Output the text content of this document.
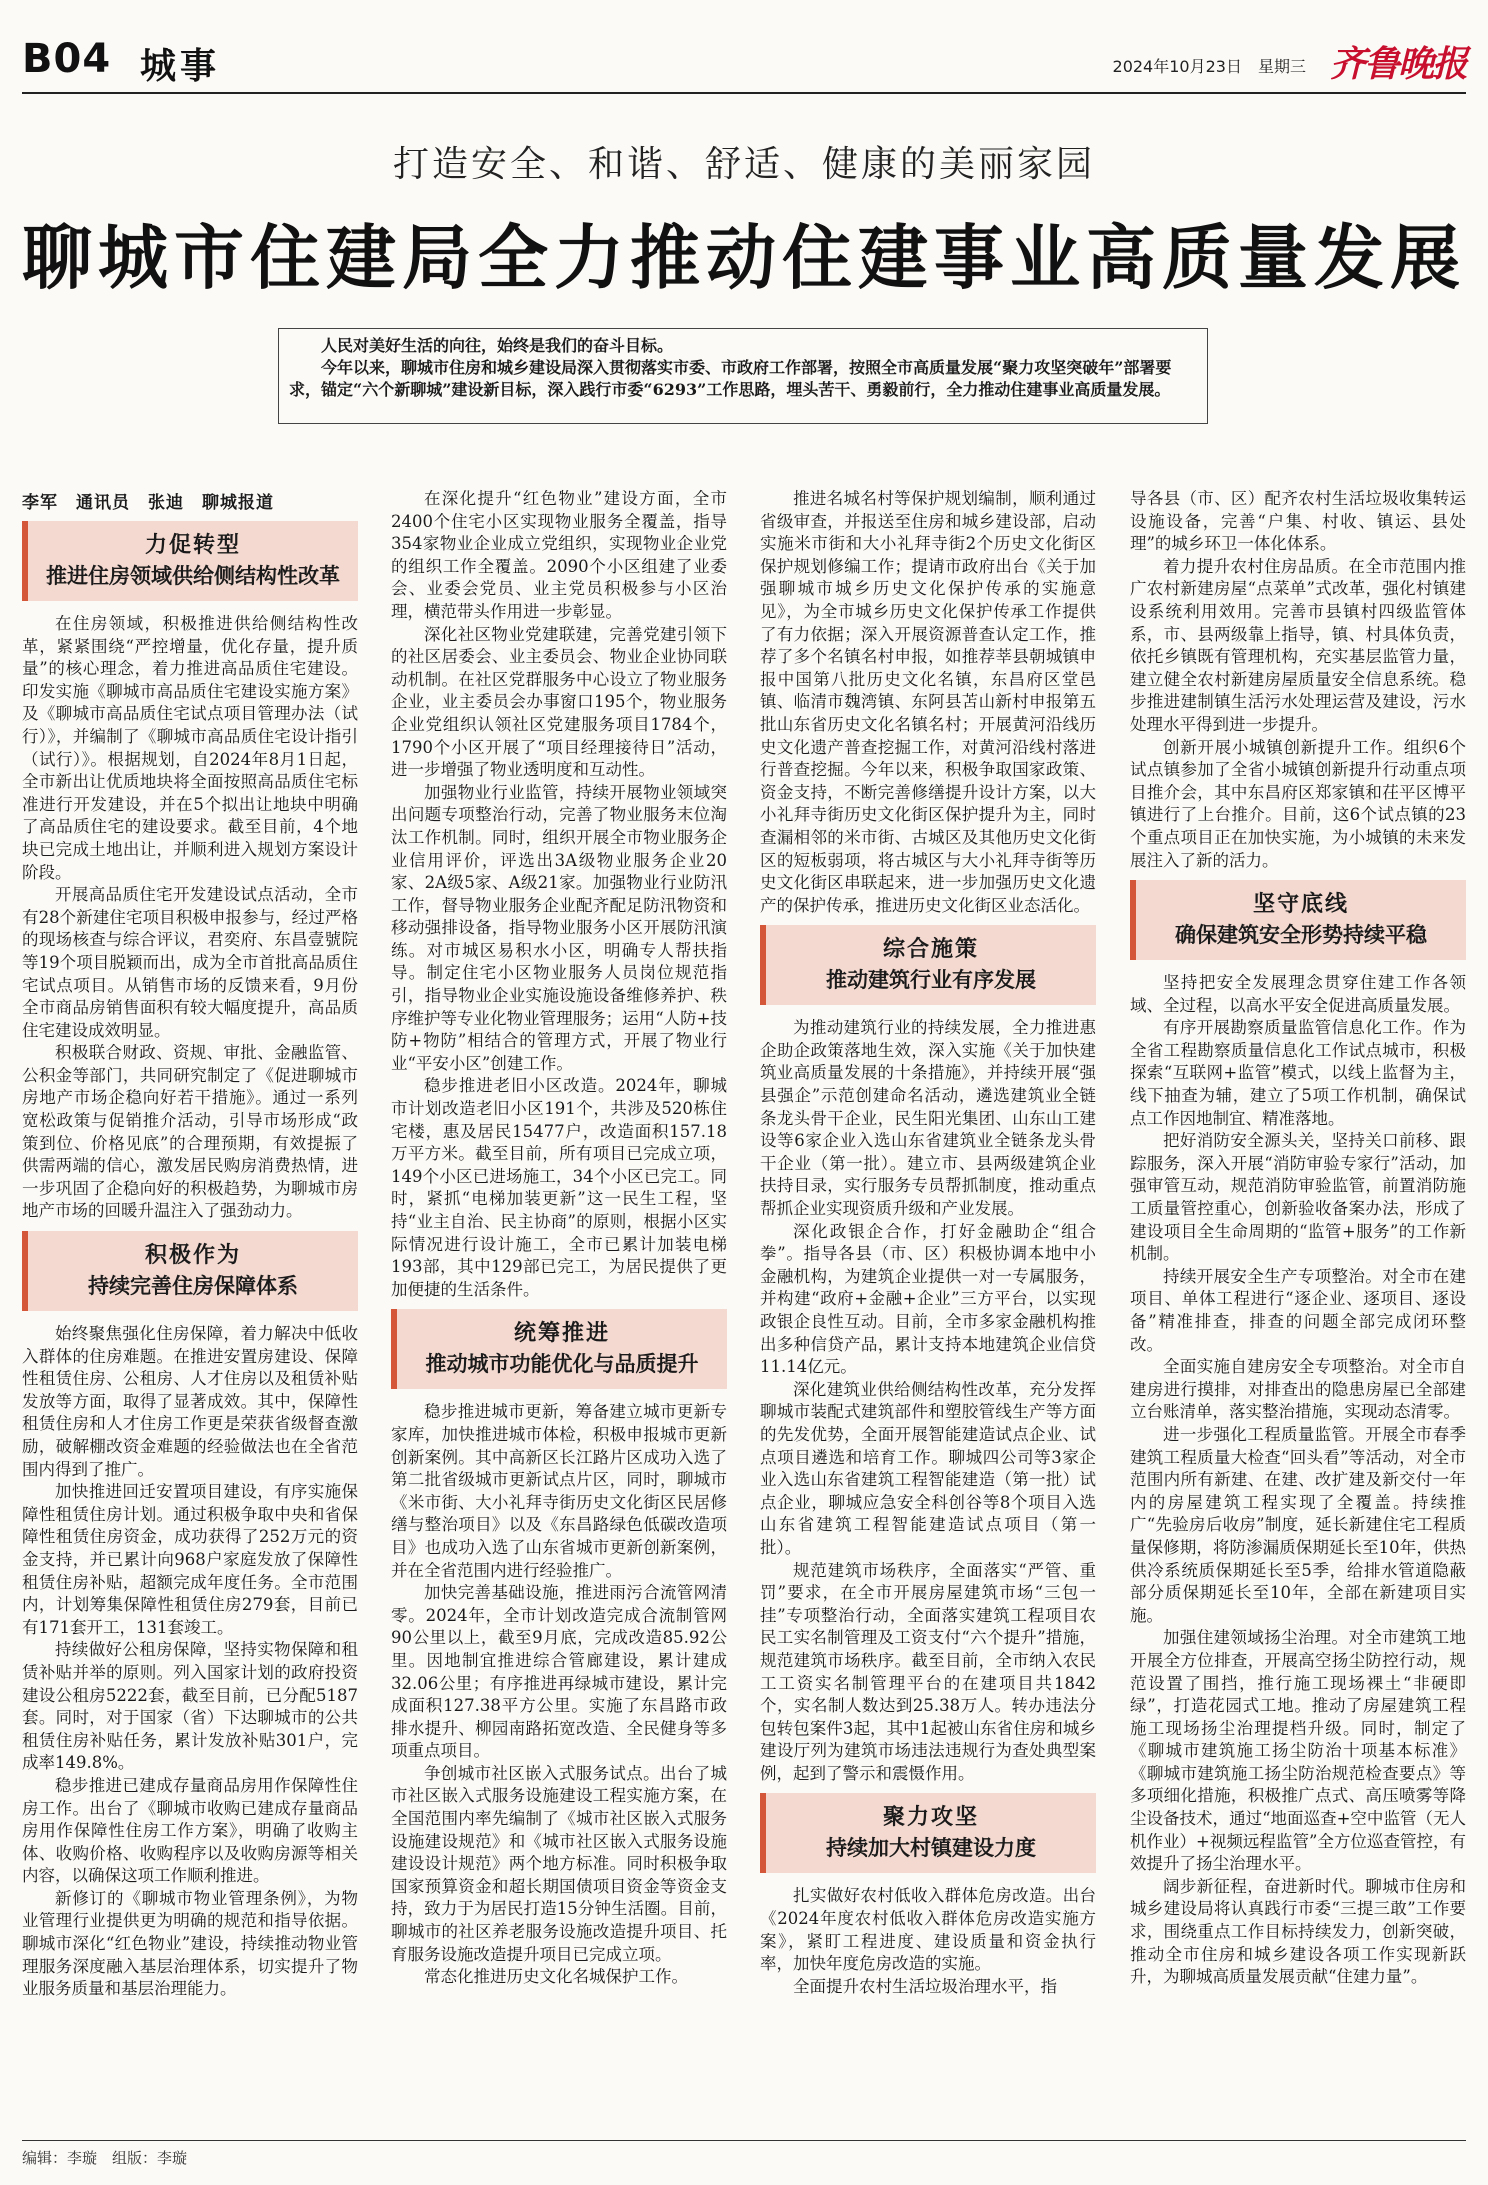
B04 城事	2024年10月23日　 星期三 齐鲁晚报
打造安全、和谐、舒适、健康的美丽家园
聊城市住建局全力推动住建事业高质量发展

人民对美好生活的向往，始终是我们的奋斗目标。

今年以来，聊城市住房和城乡建设局深入贯彻落实市委、市政府工作部署，按照全市高质量发展“聚力攻坚突破年”部署要求，锚定“六个新聊城”建设新目标，深入践行市委“6293”工作思路，埋头苦干、勇毅前行，全力推动住建事业高质量发展。

李军　通讯员　张迪　聊城报道
力促转型
推进住房领域供给侧结构性改革

在住房领域，积极推进供给侧结构性改革，紧紧围绕“严控增量，优化存量，提升质量”的核心理念，着力推进高品质住宅建设。印发实施《聊城市高品质住宅建设实施方案》及《聊城市高品质住宅试点项目管理办法（试行）》，并编制了《聊城市高品质住宅设计指引（试行）》。根据规划，自2024年8月1日起，全市新出让优质地块将全面按照高品质住宅标准进行开发建设，并在5个拟出让地块中明确了高品质住宅的建设要求。截至目前，4个地块已完成土地出让，并顺利进入规划方案设计阶段。

开展高品质住宅开发建设试点活动，全市有28个新建住宅项目积极申报参与，经过严格的现场核查与综合评议，君奕府、东昌壹號院等19个项目脱颖而出，成为全市首批高品质住宅试点项目。从销售市场的反馈来看，9月份全市商品房销售面积有较大幅度提升，高品质住宅建设成效明显。

积极联合财政、资规、审批、金融监管、公积金等部门，共同研究制定了《促进聊城市房地产市场企稳向好若干措施》。通过一系列宽松政策与促销推介活动，引导市场形成“政策到位、价格见底”的合理预期，有效提振了供需两端的信心，激发居民购房消费热情，进一步巩固了企稳向好的积极趋势，为聊城市房地产市场的回暖升温注入了强劲动力。

积极作为
持续完善住房保障体系

始终聚焦强化住房保障，着力解决中低收入群体的住房难题。在推进安置房建设、保障性租赁住房、公租房、人才住房以及租赁补贴发放等方面，取得了显著成效。其中，保障性租赁住房和人才住房工作更是荣获省级督查激励，破解棚改资金难题的经验做法也在全省范围内得到了推广。

加快推进回迁安置项目建设，有序实施保障性租赁住房计划。通过积极争取中央和省保障性租赁住房资金，成功获得了252万元的资金支持，并已累计向968户家庭发放了保障性租赁住房补贴，超额完成年度任务。全市范围内，计划筹集保障性租赁住房279套，目前已有171套开工，131套竣工。

持续做好公租房保障，坚持实物保障和租赁补贴并举的原则。列入国家计划的政府投资建设公租房5222套，截至目前，已分配5187套。同时，对于国家（省）下达聊城市的公共租赁住房补贴任务，累计发放补贴301户，完成率149.8%。

稳步推进已建成存量商品房用作保障性住房工作。出台了《聊城市收购已建成存量商品房用作保障性住房工作方案》，明确了收购主体、收购价格、收购程序以及收购房源等相关内容，以确保这项工作顺利推进。

新修订的《聊城市物业管理条例》，为物业管理行业提供更为明确的规范和指导依据。聊城市深化“红色物业”建设，持续推动物业管理服务深度融入基层治理体系，切实提升了物业服务质量和基层治理能力。

在深化提升“红色物业”建设方面，全市2400个住宅小区实现物业服务全覆盖，指导354家物业企业成立党组织，实现物业企业党的组织工作全覆盖。2090个小区组建了业委会、业委会党员、业主党员积极参与小区治理，横范带头作用进一步彰显。

深化社区物业党建联建，完善党建引领下的社区居委会、业主委员会、物业企业协同联动机制。在社区党群服务中心设立了物业服务企业，业主委员会办事窗口195个，物业服务企业党组织认领社区党建服务项目1784个，1790个小区开展了“项目经理接待日”活动，进一步增强了物业透明度和互动性。

加强物业行业监管，持续开展物业领域突出问题专项整治行动，完善了物业服务末位淘汰工作机制。同时，组织开展全市物业服务企业信用评价，评选出3A级物业服务企业20家、2A级5家、A级21家。加强物业行业防汛工作，督导物业服务企业配齐配足防汛物资和移动强排设备，指导物业服务小区开展防汛演练。对市城区易积水小区，明确专人帮扶指导。制定住宅小区物业服务人员岗位规范指引，指导物业企业实施设施设备维修养护、秩序维护等专业化物业管理服务；运用“人防+技防+物防”相结合的管理方式，开展了物业行业“平安小区”创建工作。

稳步推进老旧小区改造。2024年，聊城市计划改造老旧小区191个，共涉及520栋住宅楼，惠及居民15477户，改造面积157.18万平方米。截至目前，所有项目已完成立项，149个小区已进场施工，34个小区已完工。同时，紧抓“电梯加装更新”这一民生工程，坚持“业主自治、民主协商”的原则，根据小区实际情况进行设计施工，全市已累计加装电梯193部，其中129部已完工，为居民提供了更加便捷的生活条件。

统筹推进
推动城市功能优化与品质提升

稳步推进城市更新，筹备建立城市更新专家库，加快推进城市体检，积极申报城市更新创新案例。其中高新区长江路片区成功入选了第二批省级城市更新试点片区，同时，聊城市《米市街、大小礼拜寺街历史文化街区民居修缮与整治项目》以及《东昌路绿色低碳改造项目》也成功入选了山东省城市更新创新案例，并在全省范围内进行经验推广。

加快完善基础设施，推进雨污合流管网清零。2024年，全市计划改造完成合流制管网90公里以上，截至9月底，完成改造85.92公里。因地制宜推进综合管廊建设，累计建成32.06公里；有序推进再绿城市建设，累计完成面积127.38平方公里。实施了东昌路市政排水提升、柳园南路拓宽改造、全民健身等多项重点项目。

争创城市社区嵌入式服务试点。出台了城市社区嵌入式服务设施建设工程实施方案，在全国范围内率先编制了《城市社区嵌入式服务设施建设规范》和《城市社区嵌入式服务设施建设设计规范》两个地方标准。同时积极争取国家预算资金和超长期国债项目资金等资金支持，致力于为居民打造15分钟生活圈。目前，聊城市的社区养老服务设施改造提升项目、托育服务设施改造提升项目已完成立项。

常态化推进历史文化名城保护工作。

推进名城名村等保护规划编制，顺利通过省级审查，并报送至住房和城乡建设部，启动实施米市街和大小礼拜寺街2个历史文化街区保护规划修编工作；提请市政府出台《关于加强聊城市城乡历史文化保护传承的实施意见》，为全市城乡历史文化保护传承工作提供了有力依据；深入开展资源普查认定工作，推荐了多个名镇名村申报，如推荐莘县朝城镇申报中国第八批历史文化名镇，东昌府区堂邑镇、临清市魏湾镇、东阿县苫山新村申报第五批山东省历史文化名镇名村；开展黄河沿线历史文化遗产普查挖掘工作，对黄河沿线村落进行普查挖掘。今年以来，积极争取国家政策、资金支持，不断完善修缮提升设计方案，以大小礼拜寺街历史文化街区保护提升为主，同时查漏相邻的米市街、古城区及其他历史文化街区的短板弱项，将古城区与大小礼拜寺街等历史文化街区串联起来，进一步加强历史文化遗产的保护传承，推进历史文化街区业态活化。

综合施策
推动建筑行业有序发展

为推动建筑行业的持续发展，全力推进惠企助企政策落地生效，深入实施《关于加快建筑业高质量发展的十条措施》，并持续开展“强县强企”示范创建命名活动，遴选建筑业全链条龙头骨干企业，民生阳光集团、山东山工建设等6家企业入选山东省建筑业全链条龙头骨干企业（第一批）。建立市、县两级建筑企业扶持目录，实行服务专员帮抓制度，推动重点帮抓企业实现资质升级和产业发展。

深化政银企合作，打好金融助企“组合拳”。指导各县（市、区）积极协调本地中小金融机构，为建筑企业提供一对一专属服务，并构建“政府+金融+企业”三方平台，以实现政银企良性互动。目前，全市多家金融机构推出多种信贷产品，累计支持本地建筑企业信贷11.14亿元。

深化建筑业供给侧结构性改革，充分发挥聊城市装配式建筑部件和塑胶管线生产等方面的先发优势，全面开展智能建造试点企业、试点项目遴选和培育工作。聊城四公司等3家企业入选山东省建筑工程智能建造（第一批）试点企业，聊城应急安全科创谷等8个项目入选山东省建筑工程智能建造试点项目（第一批）。

规范建筑市场秩序，全面落实“严管、重罚”要求，在全市开展房屋建筑市场“三包一挂”专项整治行动，全面落实建筑工程项目农民工实名制管理及工资支付“六个提升”措施，规范建筑市场秩序。截至目前，全市纳入农民工工资实名制管理平台的在建项目共1842个，实名制人数达到25.38万人。转办违法分包转包案件3起，其中1起被山东省住房和城乡建设厅列为建筑市场违法违规行为查处典型案例，起到了警示和震慑作用。

聚力攻坚
持续加大村镇建设力度

扎实做好农村低收入群体危房改造。出台《2024年度农村低收入群体危房改造实施方案》，紧盯工程进度、建设质量和资金执行率，加快年度危房改造的实施。

全面提升农村生活垃圾治理水平，指

导各县（市、区）配齐农村生活垃圾收集转运设施设备，完善“户集、村收、镇运、县处理”的城乡环卫一体化体系。

着力提升农村住房品质。在全市范围内推广农村新建房屋“点菜单”式改革，强化村镇建设系统利用效用。完善市县镇村四级监管体系，市、县两级靠上指导，镇、村具体负责，依托乡镇既有管理机构，充实基层监管力量，建立健全农村新建房屋质量安全信息系统。稳步推进建制镇生活污水处理运营及建设，污水处理水平得到进一步提升。

创新开展小城镇创新提升工作。组织6个试点镇参加了全省小城镇创新提升行动重点项目推介会，其中东昌府区郑家镇和茌平区博平镇进行了上台推介。目前，这6个试点镇的23个重点项目正在加快实施，为小城镇的未来发展注入了新的活力。

坚守底线
确保建筑安全形势持续平稳

坚持把安全发展理念贯穿住建工作各领域、全过程，以高水平安全促进高质量发展。

有序开展勘察质量监管信息化工作。作为全省工程勘察质量信息化工作试点城市，积极探索“互联网+监管”模式，以线上监督为主，线下抽查为辅，建立了5项工作机制，确保试点工作因地制宜、精准落地。

把好消防安全源头关，坚持关口前移、跟踪服务，深入开展“消防审验专家行”活动，加强审管互动，规范消防审验监管，前置消防施工质量管控重心，创新验收备案办法，形成了建设项目全生命周期的“监管+服务”的工作新机制。

持续开展安全生产专项整治。对全市在建项目、单体工程进行“逐企业、逐项目、逐设备”精准排查，排查的问题全部完成闭环整改。

全面实施自建房安全专项整治。对全市自建房进行摸排，对排查出的隐患房屋已全部建立台账清单，落实整治措施，实现动态清零。

进一步强化工程质量监管。开展全市春季建筑工程质量大检查“回头看”等活动，对全市范围内所有新建、在建、改扩建及新交付一年内的房屋建筑工程实现了全覆盖。持续推广“先验房后收房”制度，延长新建住宅工程质量保修期，将防渗漏质保期延长至10年，供热供冷系统质保期延长至5季，给排水管道隐蔽部分质保期延长至10年，全部在新建项目实施。

加强住建领域扬尘治理。对全市建筑工地开展全方位排查，开展高空扬尘防控行动，规范设置了围挡，推行施工现场裸土“非硬即绿”，打造花园式工地。推动了房屋建筑工程施工现场扬尘治理提档升级。同时，制定了《聊城市建筑施工扬尘防治十项基本标准》《聊城市建筑施工扬尘防治规范检查要点》等多项细化措施，积极推广点式、高压喷雾等降尘设备技术，通过“地面巡查+空中监管（无人机作业）+视频远程监管”全方位巡查管控，有效提升了扬尘治理水平。

阔步新征程，奋进新时代。聊城市住房和城乡建设局将认真践行市委“三提三敢”工作要求，围绕重点工作目标持续发力，创新突破，推动全市住房和城乡建设各项工作实现新跃升，为聊城高质量发展贡献“住建力量”。

编辑：李璇　组版：李璇
